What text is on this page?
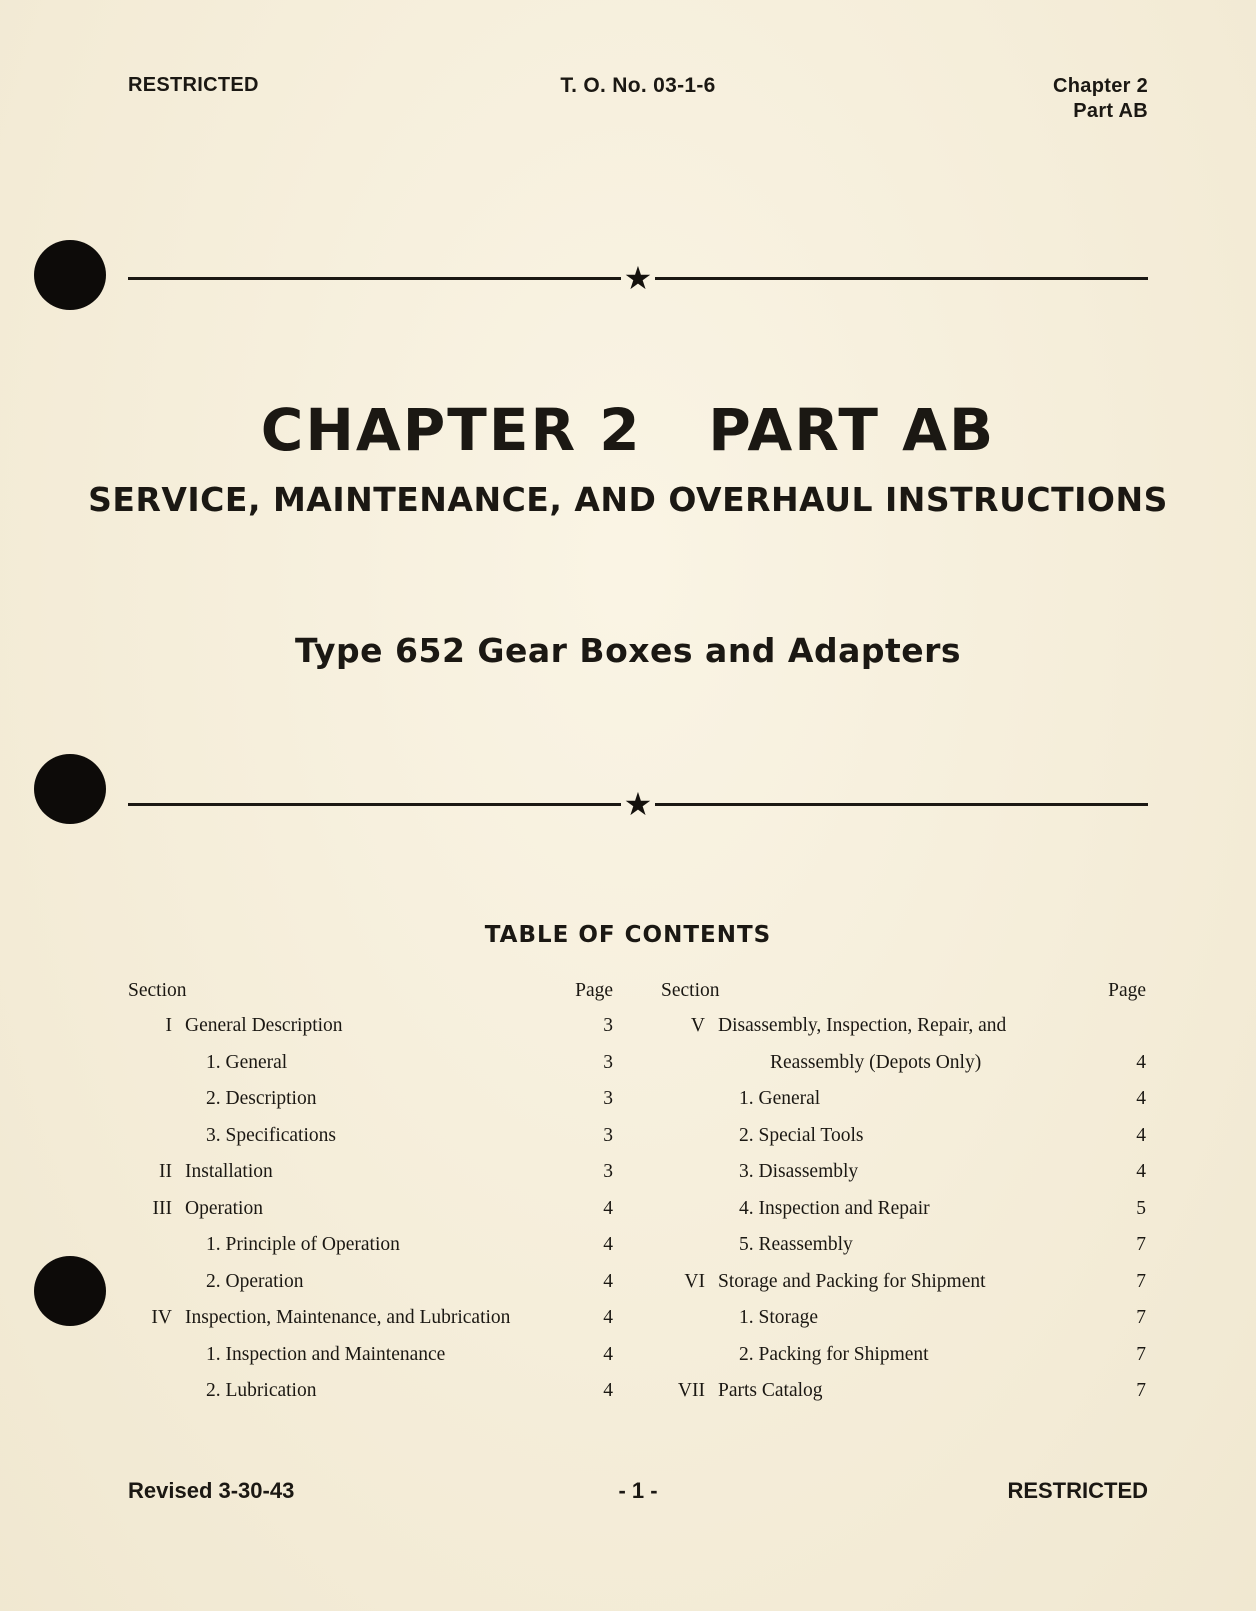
RESTRICTED	T. O. No. 03-1-6	Chapter 2
Part AB
★
CHAPTER 2   PART AB
SERVICE, MAINTENANCE, AND OVERHAUL INSTRUCTIONS
Type 652 Gear Boxes and Adapters
★
TABLE OF CONTENTS
Section	Page
I General Description	3
1. General	3
2. Description	3
3. Specifications	3
II Installation	3
III Operation	4
1. Principle of Operation	4
2. Operation	4
IV Inspection, Maintenance, and Lubrication	4
1. Inspection and Maintenance	4
2. Lubrication	4
Section	Page
V Disassembly, Inspection, Repair, and
Reassembly (Depots Only)	4
1. General	4
2. Special Tools	4
3. Disassembly	4
4. Inspection and Repair	5
5. Reassembly	7
VI Storage and Packing for Shipment	7
1. Storage	7
2. Packing for Shipment	7
VII Parts Catalog	7
Revised 3-30-43	- 1 -	RESTRICTED
